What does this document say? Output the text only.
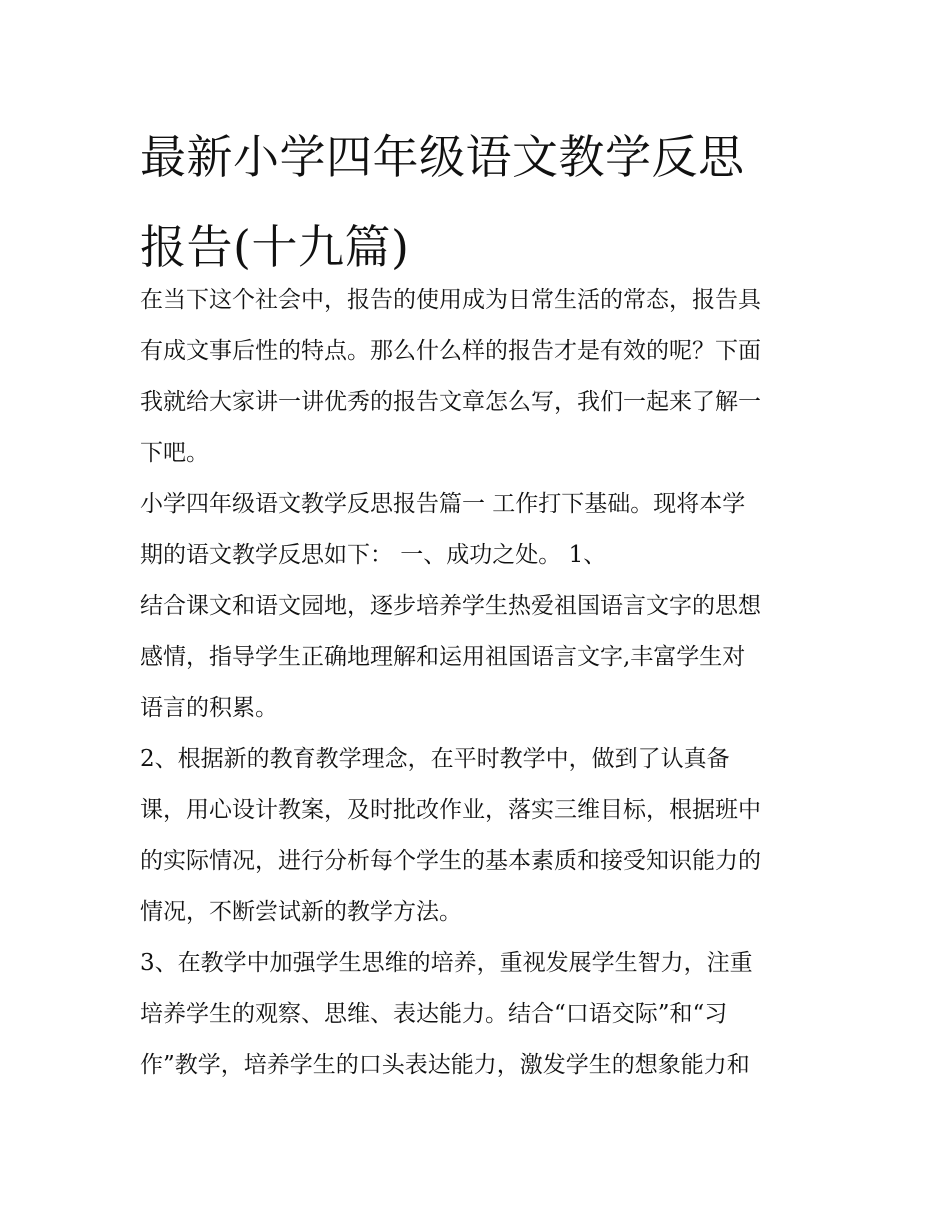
最新小学四年级语文教学反思
报告(十九篇)

在当下这个社会中，报告的使用成为日常生活的常态，报告具

有成文事后性的特点。那么什么样的报告才是有效的呢？下面

我就给大家讲一讲优秀的报告文章怎么写，我们一起来了解一

下吧。

小学四年级语文教学反思报告篇一 工作打下基础。现将本学

期的语文教学反思如下： 一、成功之处。 1、

结合课文和语文园地，逐步培养学生热爱祖国语言文字的思想

感情，指导学生正确地理解和运用祖国语言文字,丰富学生对

语言的积累。

2、根据新的教育教学理念，在平时教学中，做到了认真备

课，用心设计教案，及时批改作业，落实三维目标，根据班中

的实际情况，进行分析每个学生的基本素质和接受知识能力的

情况，不断尝试新的教学方法。

3、在教学中加强学生思维的培养，重视发展学生智力，注重

培养学生的观察、思维、表达能力。结合“口语交际”和“习

作”教学，培养学生的口头表达能力，激发学生的想象能力和
